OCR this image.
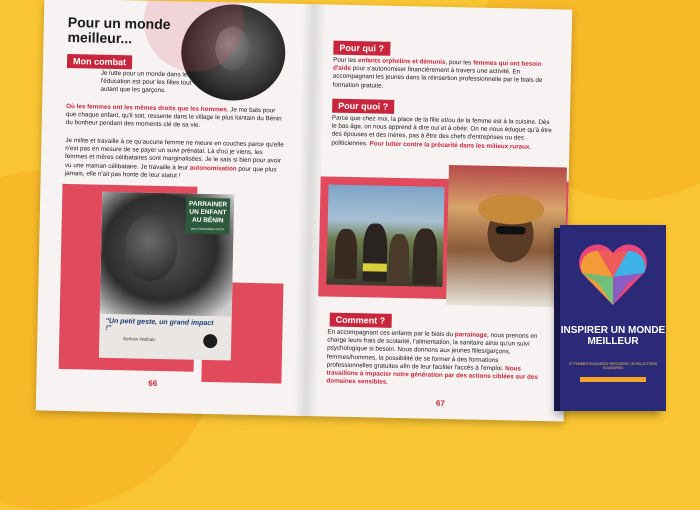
Pour un monde meilleur...
Mon combat
Je lutte pour un monde dans lequel l'éducation est pour les filles tout autant que les garçons.
Où les femmes ont les mêmes droits que les hommes. Je me bats pour que chaque enfant, qu'il soit, ressente dans le village le plus lointain du Bénin du bonheur pendant des moments clé de sa vie.
Je milite et travaille à ce qu'aucune femme ne meure en couches parce qu'elle n'est pas en mesure de se payer un suivi prénatal. Là d'où je viens, les femmes et mères célibataires sont marginalisées. Je le sais si bien pour avoir vu une maman célibataire. Je travaille à leur autonomisation pour que plus jamais, elle n'ait pas honte de leur statut !
PARRAINER UN ENFANT AU BÉNIN
avec l'Association UCCA
"Un petit geste, un grand impact !"
Bethow Wolbalo
66
Pour qui ?
Pour les enfants orphelins et démunis, pour les femmes qui ont besoin d'aide pour s'autonomiser financièrement à travers une activité. En accompagnant les jeunes dans la réinsertion professionnelle par le biais de formation gratuite.
Pour quoi ?
Parce que chez moi, la place de la fille et/ou de la femme est à la cuisine. Dès le bas âge, on nous apprend à dire oui et à obéir. On ne nous éduque qu'à être des épouses et des mères, pas à être des chefs d'entreprises ou des politiciennes. Pour lutter contre la précarité dans les milieux ruraux.
Comment ?
En accompagnant ces enfants par le biais du parrainage, nous prenons en charge leurs frais de scolarité, l'alimentation, la sanitaire ainsi qu'un suivi psychologique si besoin. Nous donnons aux jeunes filles/garçons, femmes/hommes, la possibilité de se former à des formations professionnelles gratuites afin de leur faciliter l'accès à l'emploi. Nous travaillons à impacter notre génération par des actions ciblées sur des domaines sensibles.
67
INSPIRER UN MONDE MEILLEUR
27 FEMMES ENGAGÉES PARTAGENT LEURS ACTIONS SOLIDAIRES
